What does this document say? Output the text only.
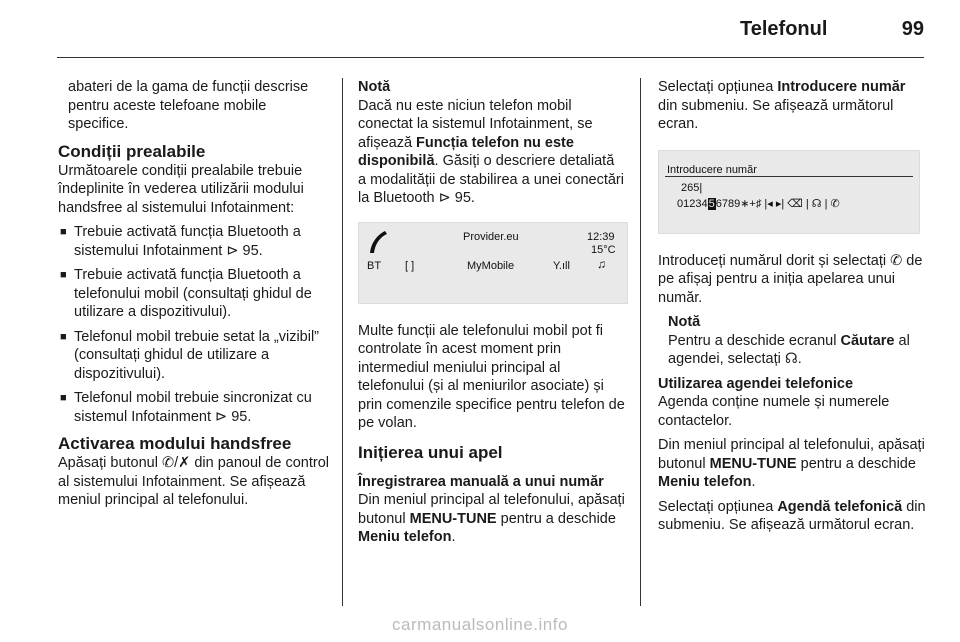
Telefonul	99

abateri de la gama de funcții descrise pentru aceste telefoane mobile specifice.

Condiții prealabile

Următoarele condiții prealabile trebuie îndeplinite în vederea utilizării modului handsfree al sistemului Infotainment:

■ Trebuie activată funcția Bluetooth a sistemului Infotainment ⊳ 95.
■ Trebuie activată funcția Bluetooth a telefonului mobil (consultați ghidul de utilizare a dispozitivului).
■ Telefonul mobil trebuie setat la „vizibil” (consultați ghidul de utilizare a dispozitivului).
■ Telefonul mobil trebuie sincronizat cu sistemul Infotainment ⊳ 95.
Activarea modului handsfree

Apăsați butonul ✆/✗ din panoul de control al sistemului Infotainment. Se afișează meniul principal al telefonului.

Notă

Dacă nu este niciun telefon mobil conectat la sistemul Infotainment, se afișează Funcția telefon nu este disponibilă. Găsiți o descriere detaliată a modalității de stabilirea a unei conectări la Bluetooth ⊳ 95.

Provider.eu	12:39
15°C
BT [ ]	MyMobile	Y.ıll ♫

Multe funcții ale telefonului mobil pot fi controlate în acest moment prin intermediul meniului principal al telefonului (și al meniurilor asociate) și prin comenzile specifice pentru telefon de pe volan.

Inițierea unui apel
Înregistrarea manuală a unui număr

Din meniul principal al telefonului, apăsați butonul MENU-TUNE pentru a deschide Meniu telefon.

Selectați opțiunea Introducere număr din submeniu. Se afișează următorul ecran.

Introducere număr
265|
0123456789∗+♯ |◂ ▸| ⌫ | ☊ | ✆

Introduceți numărul dorit și selectați ✆ de pe afișaj pentru a iniția apelarea unui număr.

Notă

Pentru a deschide ecranul Căutare al agendei, selectați ☊.

Utilizarea agendei telefonice

Agenda conține numele și numerele contactelor.

Din meniul principal al telefonului, apăsați butonul MENU-TUNE pentru a deschide Meniu telefon.

Selectați opțiunea Agendă telefonică din submeniu. Se afișează următorul ecran.

carmanualsonline.info
